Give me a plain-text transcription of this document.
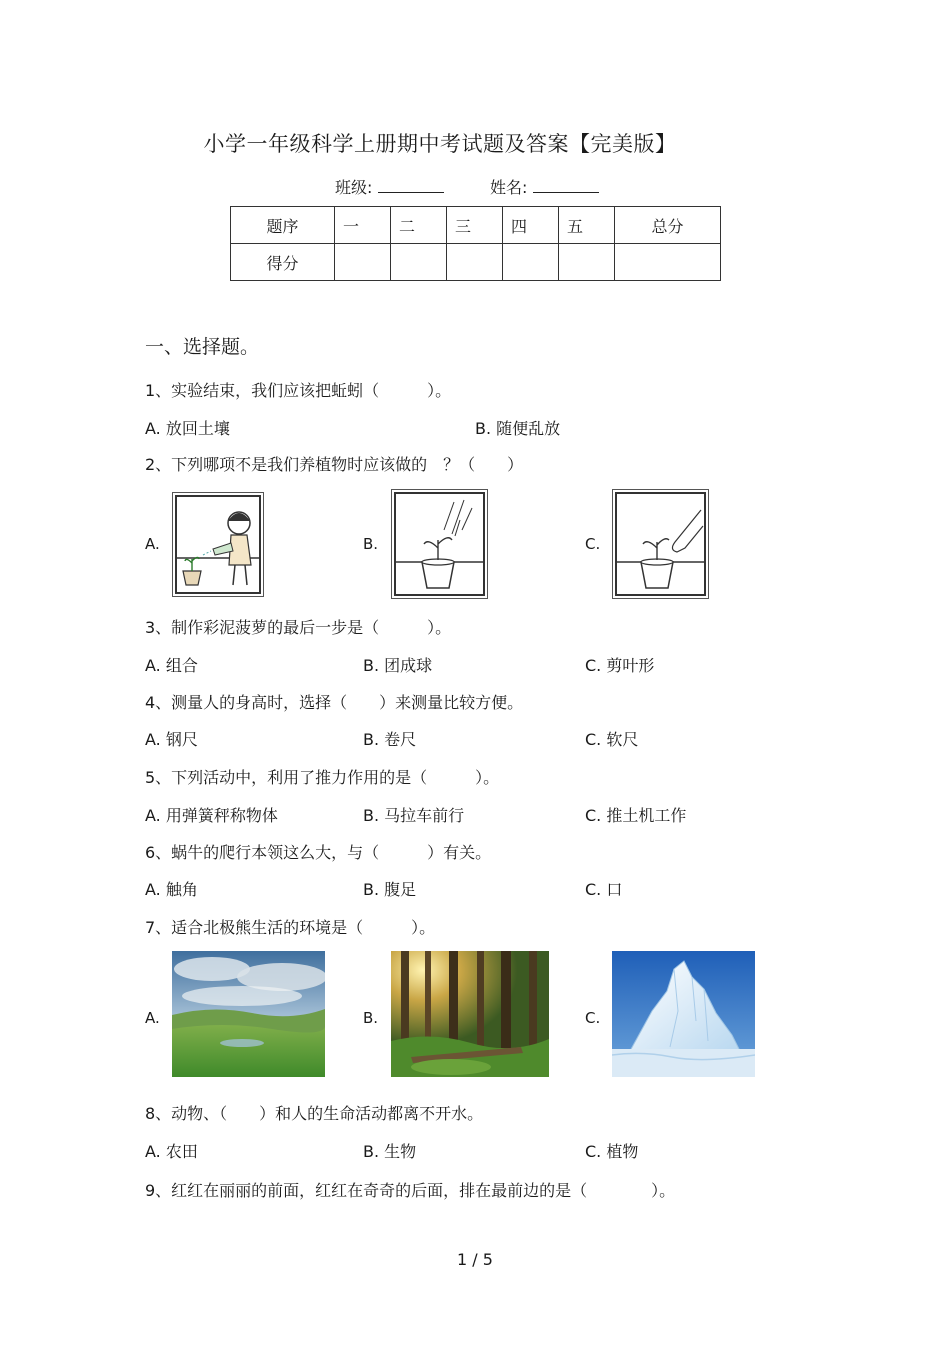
小学一年级科学上册期中考试题及答案【完美版】
班级:	姓名:
题序	一	二	三	四	五	总分
得分						
一、选择题。
1、实验结束，我们应该把蚯蚓（　　　）。
A. 放回土壤	B. 随便乱放
2、下列哪项不是我们养植物时应该做的　？（　　）
A.	B.	C.
3、制作彩泥菠萝的最后一步是（　　　）。
A. 组合	B. 团成球	C. 剪叶形
4、测量人的身高时，选择（　　）来测量比较方便。
A. 钢尺	B. 卷尺	C. 软尺
5、下列活动中，利用了推力作用的是（　　　）。
A. 用弹簧秤称物体	B. 马拉车前行	C. 推土机工作
6、蜗牛的爬行本领这么大，与（　　　）有关。
A. 触角	B. 腹足	C. 口
7、适合北极熊生活的环境是（　　　）。
A.	B.	C.
8、动物、（　　）和人的生命活动都离不开水。
A. 农田	B. 生物	C. 植物
9、红红在丽丽的前面，红红在奇奇的后面，排在最前边的是（　　　　）。
1 / 5
